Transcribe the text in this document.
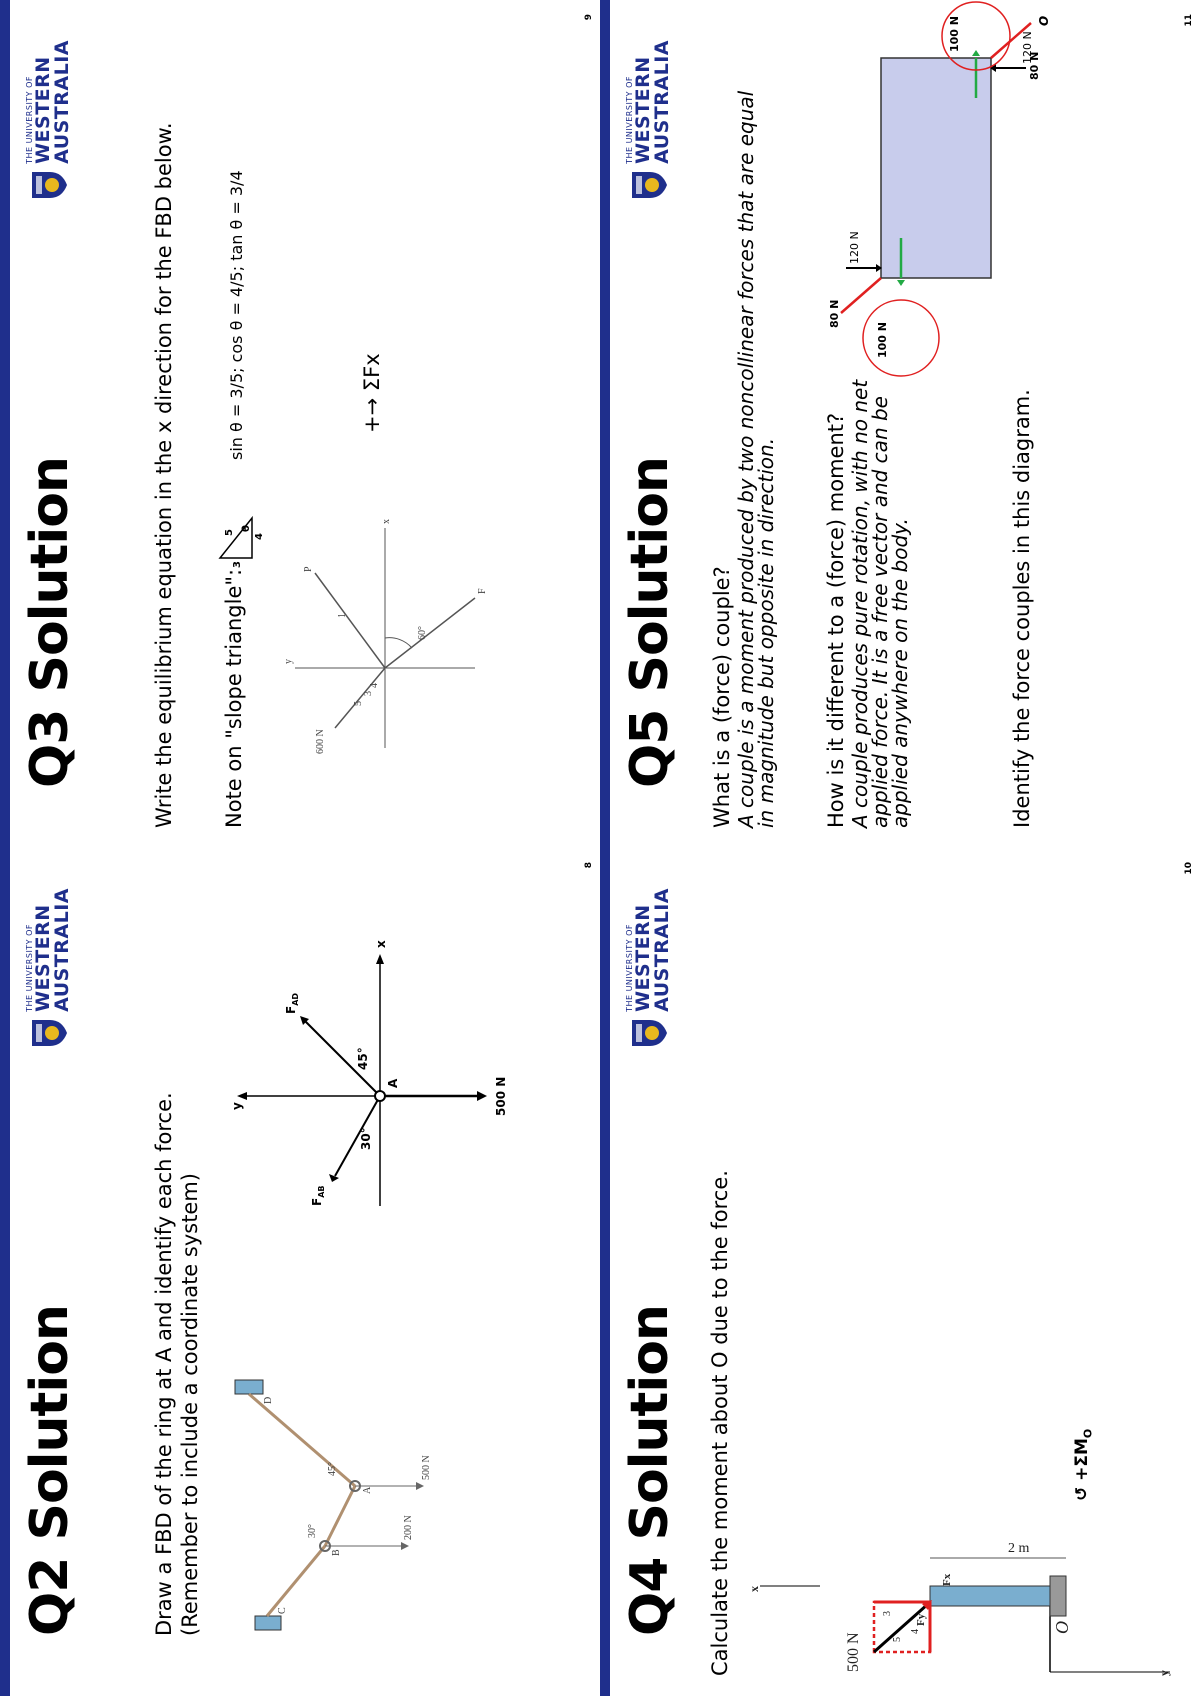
Q2 Solution
THE UNIVERSITY OF
WESTERN
AUSTRALIA
Draw a FBD of the ring at A and identify each force. (Remember to include a coordinate system)	C
B
A
D
30°
45°
200 N
500 N
y
x
$F_{AB}$
$F_{AD}$
500 N
A
30°
45°
8
Q3 Solution
THE UNIVERSITY OF
WESTERN
AUSTRALIA
Write the equilibrium equation in the x direction for the FBD below. Note on "slope triangle":
3
5
4
θ
sin θ = 3/5; cos θ = 4/5; tan θ = 3/4
600 N
5
3
4
y
P
1
60°
x
F
+→ ΣFx
9
Q4 Solution
THE UNIVERSITY OF
WESTERN
AUSTRALIA
Calculate the moment about O due to the force.	2 m
500 N
Fy
Fx
5
3
4
x
y
O
↺ $+\Sigma M_O$
10
Q5 Solution
THE UNIVERSITY OF
WESTERN
AUSTRALIA
What is a (force) couple? A couple is a moment produced by two noncollinear forces that are equal
in magnitude but opposite in direction. How is it different to a (force) moment? A couple produces pure rotation, with no net
applied force. It is a free vector and can be
applied anywhere on the body.	Identify the force couples in this diagram.
120 N
120 N
100 N
100 N
80 N
80 N
O	11
